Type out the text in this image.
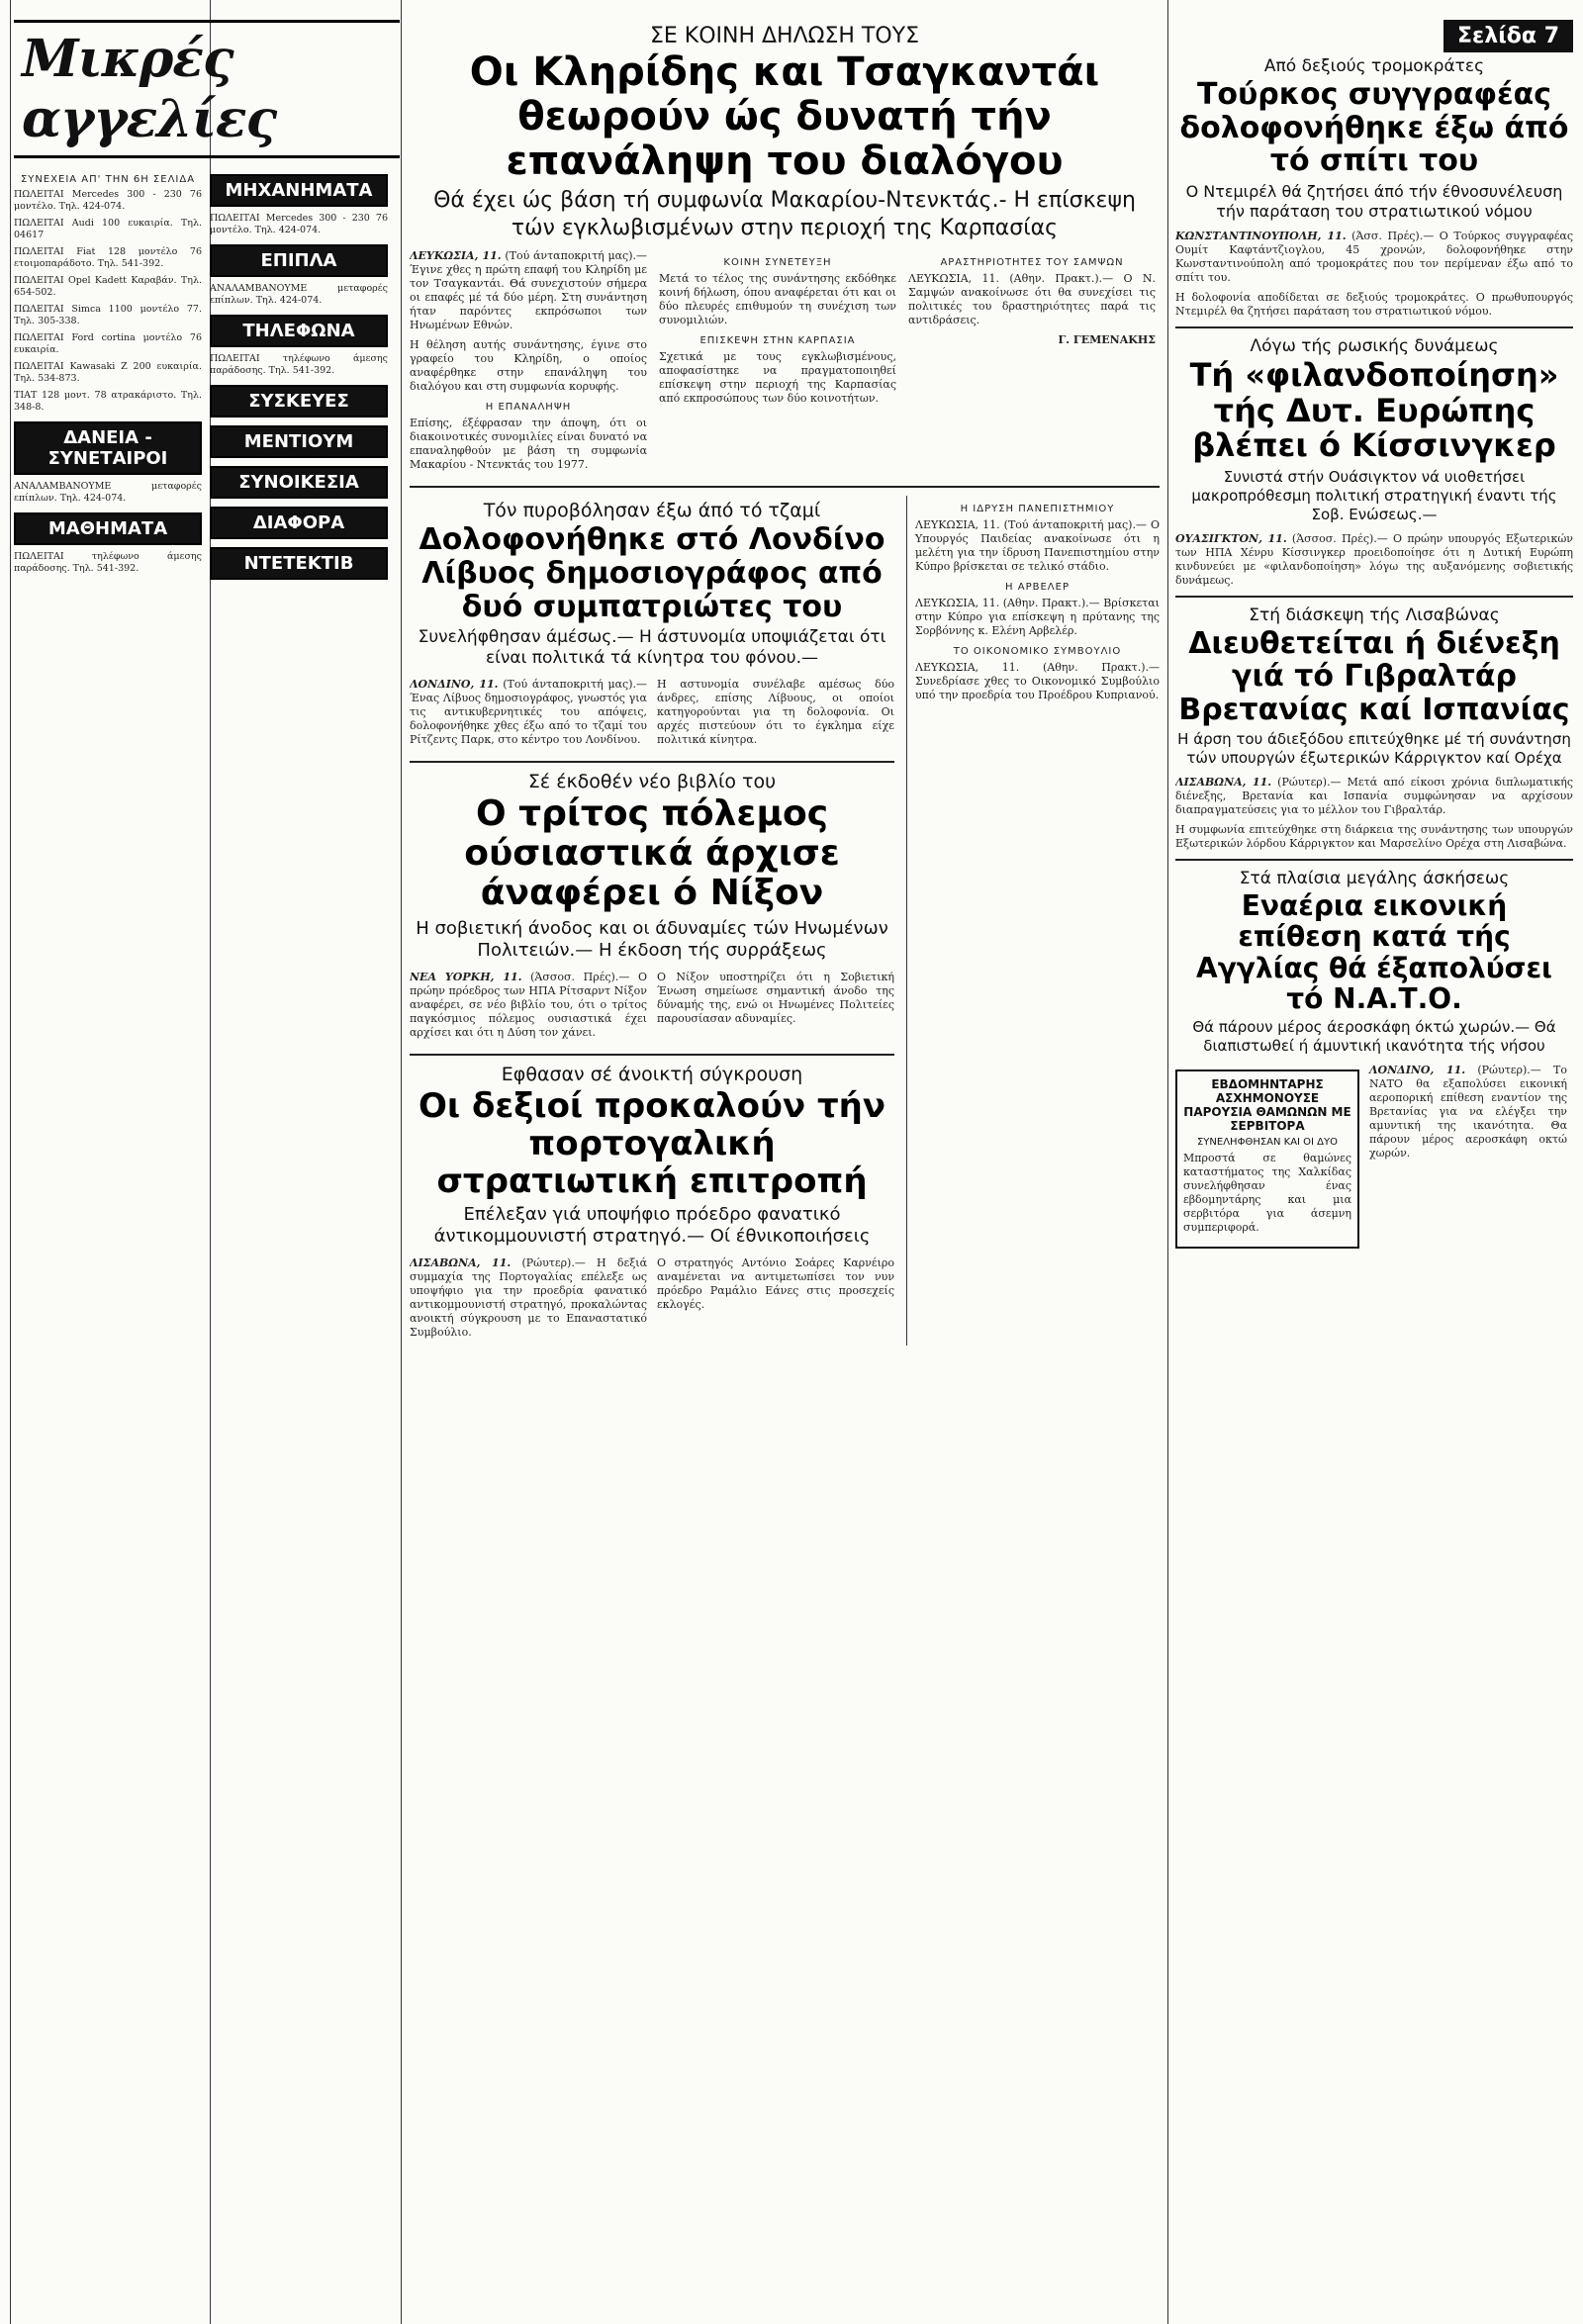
Μικρές αγγελίες

ΣΥΝΕΧΕΙΑ ΑΠ' ΤΗΝ 6Η ΣΕΛΙΔΑ

ΠΩΛΕΙΤΑΙ Mercedes 300 - 230 76 μοντέλο. Τηλ. 424-074.

ΠΩΛΕΙΤΑΙ Audi 100 ευκαιρία. Τηλ. 04617

ΠΩΛΕΙΤΑΙ Fiat 128 μοντέλο 76 ετοιμοπαράδοτο. Τηλ. 541-392.

ΠΩΛΕΙΤΑΙ Opel Kadett Καραβάν. Τηλ. 654-502.

ΠΩΛΕΙΤΑΙ Simca 1100 μοντέλο 77. Τηλ. 305-338.

ΠΩΛΕΙΤΑΙ Ford cortina μοντέλο 76 ευκαιρία.

ΠΩΛΕΙΤΑΙ Kawasaki Z 200 ευκαιρία. Τηλ. 534-873.

ΤΙΑΤ 128 μοντ. 78 ατρακάριστο. Τηλ. 348-8.

ΔΑΝΕΙΑ - ΣΥΝΕΤΑΙΡΟΙ

ΑΝΑΛΑΜΒΑΝΟΥΜΕ μεταφορές επίπλων. Τηλ. 424-074.

ΜΑΘΗΜΑΤΑ

ΠΩΛΕΙΤΑΙ τηλέφωνο άμεσης παράδοσης. Τηλ. 541-392.

ΜΗΧΑΝΗΜΑΤΑ

ΠΩΛΕΙΤΑΙ Mercedes 300 - 230 76 μοντέλο. Τηλ. 424-074.

ΕΠΙΠΛΑ

ΑΝΑΛΑΜΒΑΝΟΥΜΕ μεταφορές επίπλων. Τηλ. 424-074.

ΤΗΛΕΦΩΝΑ

ΠΩΛΕΙΤΑΙ τηλέφωνο άμεσης παράδοσης. Τηλ. 541-392.

ΣΥΣΚΕΥΕΣ
ΜΕΝΤΙΟΥΜ
ΣΥΝΟΙΚΕΣΙΑ
ΔΙΑΦΟΡΑ
ΝΤΕΤΕΚΤΙΒ
ΣΕ ΚΟΙΝΗ ΔΗΛΩΣΗ ΤΟΥΣ
Οι Κληρίδης και Τσαγκαντάι θεωρούν ώς δυνατή τήν επανάληψη του διαλόγου

Θά έχει ώς βάση τή συμφωνία Μακαρίου-Ντενκτάς.- Η επίσκεψη τών εγκλωβισμένων στην περιοχή της Καρπασίας

ΛΕΥΚΩΣΙΑ, 11. (Τού άνταποκριτή μας).— Έγινε χθες η πρώτη επαφή του Κληρίδη με τον Τσαγκαντάι. Θά συνεχιστούν σήμερα οι επαφές μέ τά δύο μέρη. Στη συνάντηση ήταν παρόντες εκπρόσωποι των Ηνωμένων Εθνών.

Η θέληση αυτής συνάντησης, έγινε στο γραφείο του Κληρίδη, ο οποίος αναφέρθηκε στην επανάληψη του διαλόγου και στη συμφωνία κορυφής.

Η ΕΠΑΝΑΛΗΨΗ

Επίσης, έξέφρασαν την άποψη, ότι οι διακοινοτικές συνομιλίες είναι δυνατό να επαναληφθούν με βάση τη συμφωνία Μακαρίου - Ντενκτάς του 1977.

ΚΟΙΝΗ ΣΥΝΕΤΕΥΞΗ

Μετά το τέλος της συνάντησης εκδόθηκε κοινή δήλωση, όπου αναφέρεται ότι και οι δύο πλευρές επιθυμούν τη συνέχιση των συνομιλιών.

ΕΠΙΣΚΕΨΗ ΣΤΗΝ ΚΑΡΠΑΣΙΑ

Σχετικά με τους εγκλωβισμένους, αποφασίστηκε να πραγματοποιηθεί επίσκεψη στην περιοχή της Καρπασίας από εκπροσώπους των δύο κοινοτήτων.

ΑΡΑΣΤΗΡΙΟΤΗΤΕΣ ΤΟΥ ΣΑΜΨΩΝ

ΛΕΥΚΩΣΙΑ, 11. (Αθην. Πρακτ.).— Ο Ν. Σαμψών ανακοίνωσε ότι θα συνεχίσει τις πολιτικές του δραστηριότητες παρά τις αντιδράσεις.

Γ. ΓΕΜΕΝΑΚΗΣ

Τόν πυροβόλησαν έξω άπό τό τζαμί
Δολοφονήθηκε στό Λονδίνο Λίβυος δημοσιογράφος από δυό συμπατριώτες του

Συνελήφθησαν άμέσως.— Η άστυνομία υποψιάζεται ότι είναι πολιτικά τά κίνητρα του φόνου.—

ΛΟΝΔΙΝΟ, 11. (Τού άνταποκριτή μας).— Ένας Λίβυος δημοσιογράφος, γνωστός για τις αντικυβερνητικές του απόψεις, δολοφονήθηκε χθες έξω από το τζαμί του Ρίτζεντς Παρκ, στο κέντρο του Λονδίνου.

Η αστυνομία συνέλαβε αμέσως δύο άνδρες, επίσης Λίβυους, οι οποίοι κατηγορούνται για τη δολοφονία. Οι αρχές πιστεύουν ότι το έγκλημα είχε πολιτικά κίνητρα.

Σέ έκδοθέν νέο βιβλίο του
Ο τρίτος πόλεμος ούσιαστικά άρχισε άναφέρει ό Νίξον

Η σοβιετική άνοδος και οι άδυναμίες τών Ηνωμένων Πολιτειών.— Η έκδοση τής συρράξεως

ΝΕΑ ΥΟΡΚΗ, 11. (Άσσοσ. Πρές).— Ο πρώην πρόεδρος των ΗΠΑ Ρίτσαρντ Νίξον αναφέρει, σε νέο βιβλίο του, ότι ο τρίτος παγκόσμιος πόλεμος ουσιαστικά έχει αρχίσει και ότι η Δύση τον χάνει.

Ο Νίξον υποστηρίζει ότι η Σοβιετική Ένωση σημείωσε σημαντική άνοδο της δύναμής της, ενώ οι Ηνωμένες Πολιτείες παρουσίασαν αδυναμίες.

Εφθασαν σέ άνοικτή σύγκρουση
Οι δεξιοί προκαλούν τήν πορτογαλική στρατιωτική επιτροπή

Επέλεξαν γιά υποψήφιο πρόεδρο φανατικό άντικομμουνιστή στρατηγό.— Οί έθνικοποιήσεις

ΛΙΣΑΒΩΝΑ, 11. (Ρώυτερ).— Η δεξιά συμμαχία της Πορτογαλίας επέλεξε ως υποψήφιο για την προεδρία φανατικό αντικομμουνιστή στρατηγό, προκαλώντας ανοικτή σύγκρουση με το Επαναστατικό Συμβούλιο.

Ο στρατηγός Αντόνιο Σοάρες Καρνέιρο αναμένεται να αντιμετωπίσει τον νυν πρόεδρο Ραμάλιο Εάνες στις προσεχείς εκλογές.

Η ΙΔΡΥΣΗ ΠΑΝΕΠΙΣΤΗΜΙΟΥ

ΛΕΥΚΩΣΙΑ, 11. (Τού άνταποκριτή μας).— Ο Υπουργός Παιδείας ανακοίνωσε ότι η μελέτη για την ίδρυση Πανεπιστημίου στην Κύπρο βρίσκεται σε τελικό στάδιο.

Η ΑΡΒΕΛΕΡ

ΛΕΥΚΩΣΙΑ, 11. (Αθην. Πρακτ.).— Βρίσκεται στην Κύπρο για επίσκεψη η πρύτανης της Σορβόννης κ. Ελένη Αρβελέρ.

ΤΟ ΟΙΚΟΝΟΜΙΚΟ ΣΥΜΒΟΥΛΙΟ

ΛΕΥΚΩΣΙΑ, 11. (Αθην. Πρακτ.).— Συνεδρίασε χθες το Οικονομικό Συμβούλιο υπό την προεδρία του Προέδρου Κυπριανού.

Σελίδα 7
Από δεξιούς τρομοκράτες
Τούρκος συγγραφέας δολοφονήθηκε έξω άπό τό σπίτι του

Ο Ντεμιρέλ θά ζητήσει άπό τήν έθνοσυνέλευση τήν παράταση του στρατιωτικού νόμου

ΚΩΝΣΤΑΝΤΙΝΟΥΠΟΛΗ, 11. (Άσσ. Πρές).— Ο Τούρκος συγγραφέας Ουμίτ Καφτάντζιογλου, 45 χρονών, δολοφονήθηκε στην Κωνσταντινούπολη από τρομοκράτες που τον περίμεναν έξω από το σπίτι του.

Η δολοφονία αποδίδεται σε δεξιούς τρομοκράτες. Ο πρωθυπουργός Ντεμιρέλ θα ζητήσει παράταση του στρατιωτικού νόμου.

Λόγω τής ρωσικής δυνάμεως
Τή «φιλανδοποίηση» τής Δυτ. Ευρώπης βλέπει ό Κίσσινγκερ

Συνιστά στήν Ουάσιγκτον νά υιοθετήσει μακροπρόθεσμη πολιτική στρατηγική έναντι τής Σοβ. Ενώσεως.—

ΟΥΑΣΙΓΚΤΟΝ, 11. (Άσσοσ. Πρές).— Ο πρώην υπουργός Εξωτερικών των ΗΠΑ Χένρυ Κίσσινγκερ προειδοποίησε ότι η Δυτική Ευρώπη κινδυνεύει με «φιλανδοποίηση» λόγω της αυξανόμενης σοβιετικής δυνάμεως.

Στή διάσκεψη τής Λισαβώνας
Διευθετείται ή διένεξη γιά τό Γιβραλτάρ Βρετανίας καί Ισπανίας

Η άρση του άδιεξόδου επιτεύχθηκε μέ τή συνάντηση τών υπουργών έξωτερικών Κάρριγκτον καί Ορέχα

ΛΙΣΑΒΩΝΑ, 11. (Ρώυτερ).— Μετά από είκοσι χρόνια διπλωματικής διένεξης, Βρετανία και Ισπανία συμφώνησαν να αρχίσουν διαπραγματεύσεις για το μέλλον του Γιβραλτάρ.

Η συμφωνία επιτεύχθηκε στη διάρκεια της συνάντησης των υπουργών Εξωτερικών λόρδου Κάρριγκτον και Μαρσελίνο Ορέχα στη Λισαβώνα.

Στά πλαίσια μεγάλης άσκήσεως
Εναέρια εικονική επίθεση κατά τής Αγγλίας θά έξαπολύσει τό Ν.Α.Τ.Ο.

Θά πάρουν μέρος άεροσκάφη όκτώ χωρών.— Θά διαπιστωθεί ή άμυντική ικανότητα τής νήσου

ΕΒΔΟΜΗΝΤΑΡΗΣ ΑΣΧΗΜΟΝΟΥΣΕ ΠΑΡΟΥΣΙΑ ΘΑΜΩΝΩΝ ΜΕ ΣΕΡΒΙΤΟΡΑ

ΣΥΝΕΛΗΦΘΗΣΑΝ ΚΑΙ ΟΙ ΔΥΟ

Μπροστά σε θαμώνες καταστήματος της Χαλκίδας συνελήφθησαν ένας εβδομηντάρης και μια σερβιτόρα για άσεμνη συμπεριφορά.

ΛΟΝΔΙΝΟ, 11. (Ρώυτερ).— Το ΝΑΤΟ θα εξαπολύσει εικονική αεροπορική επίθεση εναντίον της Βρετανίας για να ελέγξει την αμυντική της ικανότητα. Θα πάρουν μέρος αεροσκάφη οκτώ χωρών.
